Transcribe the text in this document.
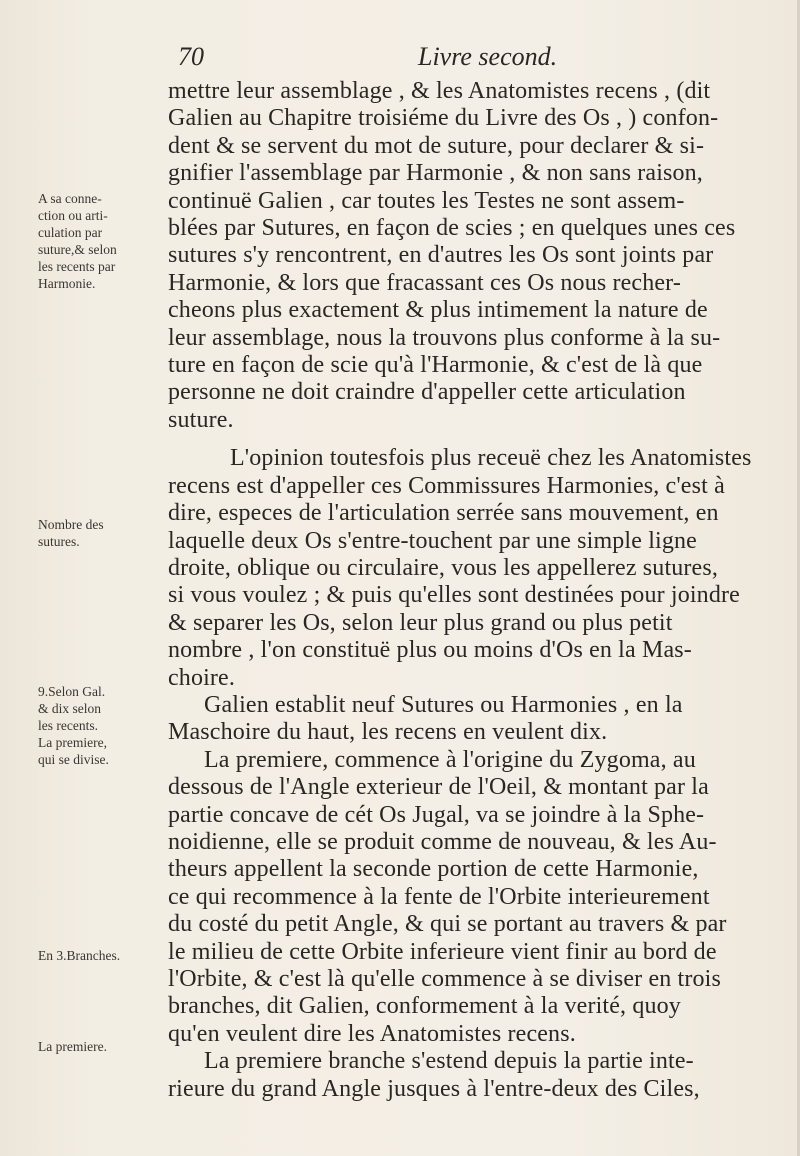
70	Livre second.
A sa conne-
ction ou arti-
culation par
suture,& selon
les recents par
Harmonie.
Nombre des
sutures.
9.Selon Gal.
& dix selon
les recents.
La premiere,
qui se divise.
En 3.Branches.
La premiere.
mettre leur assemblage , & les Anatomistes recens , (dit
Galien au Chapitre troisiéme du Livre des Os , ) confon-
dent & se servent du mot de suture, pour declarer & si-
gnifier l'assemblage par Harmonie , & non sans raison,
continuë Galien , car toutes les Testes ne sont assem-
blées par Sutures, en façon de scies ; en quelques unes ces
sutures s'y rencontrent, en d'autres les Os sont joints par
Harmonie, & lors que fracassant ces Os nous recher-
cheons plus exactement & plus intimement la nature de
leur assemblage, nous la trouvons plus conforme à la su-
ture en façon de scie qu'à l'Harmonie, & c'est de là que
personne ne doit craindre d'appeller cette articulation
suture.
L'opinion toutesfois plus receuë chez les Anatomistes
recens est d'appeller ces Commissures Harmonies, c'est à
dire, especes de l'articulation serrée sans mouvement, en
laquelle deux Os s'entre-touchent par une simple ligne
droite, oblique ou circulaire, vous les appellerez sutures,
si vous voulez ; & puis qu'elles sont destinées pour joindre
& separer les Os, selon leur plus grand ou plus petit
nombre , l'on constituë plus ou moins d'Os en la Mas-
choire.
Galien establit neuf Sutures ou Harmonies , en la
Maschoire du haut, les recens en veulent dix.
La premiere, commence à l'origine du Zygoma, au
dessous de l'Angle exterieur de l'Oeil, & montant par la
partie concave de cét Os Jugal, va se joindre à la Sphe-
noidienne, elle se produit comme de nouveau, & les Au-
theurs appellent la seconde portion de cette Harmonie,
ce qui recommence à la fente de l'Orbite interieurement
du costé du petit Angle, & qui se portant au travers & par
le milieu de cette Orbite inferieure vient finir au bord de
l'Orbite, & c'est là qu'elle commence à se diviser en trois
branches, dit Galien, conformement à la verité, quoy
qu'en veulent dire les Anatomistes recens.
La premiere branche s'estend depuis la partie inte-
rieure du grand Angle jusques à l'entre-deux des Ciles,
